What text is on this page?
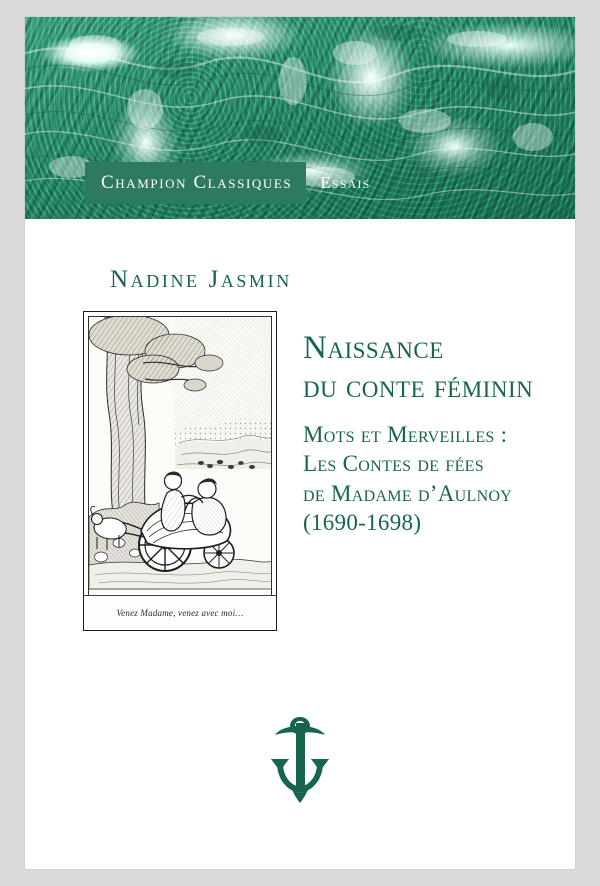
Champion Classiques	Essais
Nadine Jasmin
Venez Madame, venez avec moi…
Naissance
du conte féminin
Mots et Merveilles :
Les Contes de fées
de Madame d’Aulnoy
(1690-1698)
